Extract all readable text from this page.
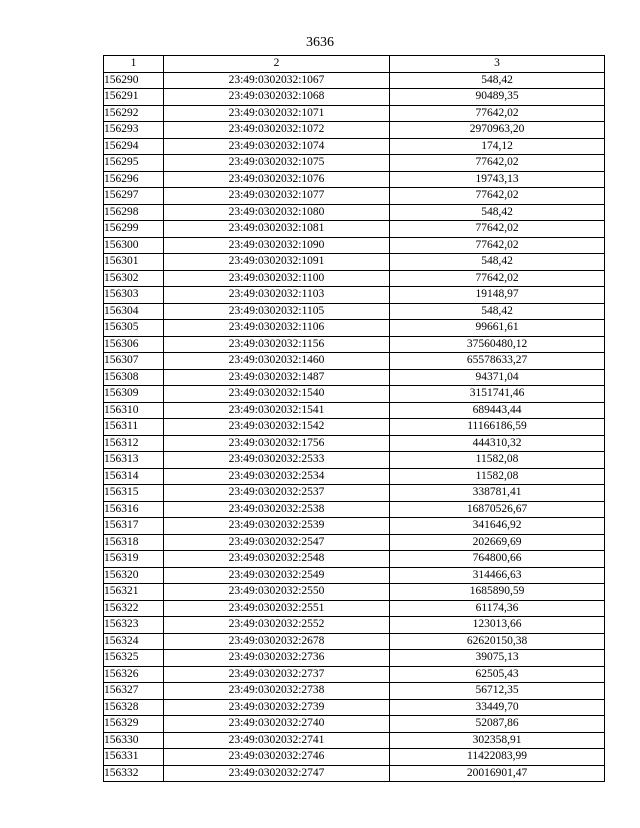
3636
1	2	3
156290	23:49:0302032:1067	548,42
156291	23:49:0302032:1068	90489,35
156292	23:49:0302032:1071	77642,02
156293	23:49:0302032:1072	2970963,20
156294	23:49:0302032:1074	174,12
156295	23:49:0302032:1075	77642,02
156296	23:49:0302032:1076	19743,13
156297	23:49:0302032:1077	77642,02
156298	23:49:0302032:1080	548,42
156299	23:49:0302032:1081	77642,02
156300	23:49:0302032:1090	77642,02
156301	23:49:0302032:1091	548,42
156302	23:49:0302032:1100	77642,02
156303	23:49:0302032:1103	19148,97
156304	23:49:0302032:1105	548,42
156305	23:49:0302032:1106	99661,61
156306	23:49:0302032:1156	37560480,12
156307	23:49:0302032:1460	65578633,27
156308	23:49:0302032:1487	94371,04
156309	23:49:0302032:1540	3151741,46
156310	23:49:0302032:1541	689443,44
156311	23:49:0302032:1542	11166186,59
156312	23:49:0302032:1756	444310,32
156313	23:49:0302032:2533	11582,08
156314	23:49:0302032:2534	11582,08
156315	23:49:0302032:2537	338781,41
156316	23:49:0302032:2538	16870526,67
156317	23:49:0302032:2539	341646,92
156318	23:49:0302032:2547	202669,69
156319	23:49:0302032:2548	764800,66
156320	23:49:0302032:2549	314466,63
156321	23:49:0302032:2550	1685890,59
156322	23:49:0302032:2551	61174,36
156323	23:49:0302032:2552	123013,66
156324	23:49:0302032:2678	62620150,38
156325	23:49:0302032:2736	39075,13
156326	23:49:0302032:2737	62505,43
156327	23:49:0302032:2738	56712,35
156328	23:49:0302032:2739	33449,70
156329	23:49:0302032:2740	52087,86
156330	23:49:0302032:2741	302358,91
156331	23:49:0302032:2746	11422083,99
156332	23:49:0302032:2747	20016901,47
